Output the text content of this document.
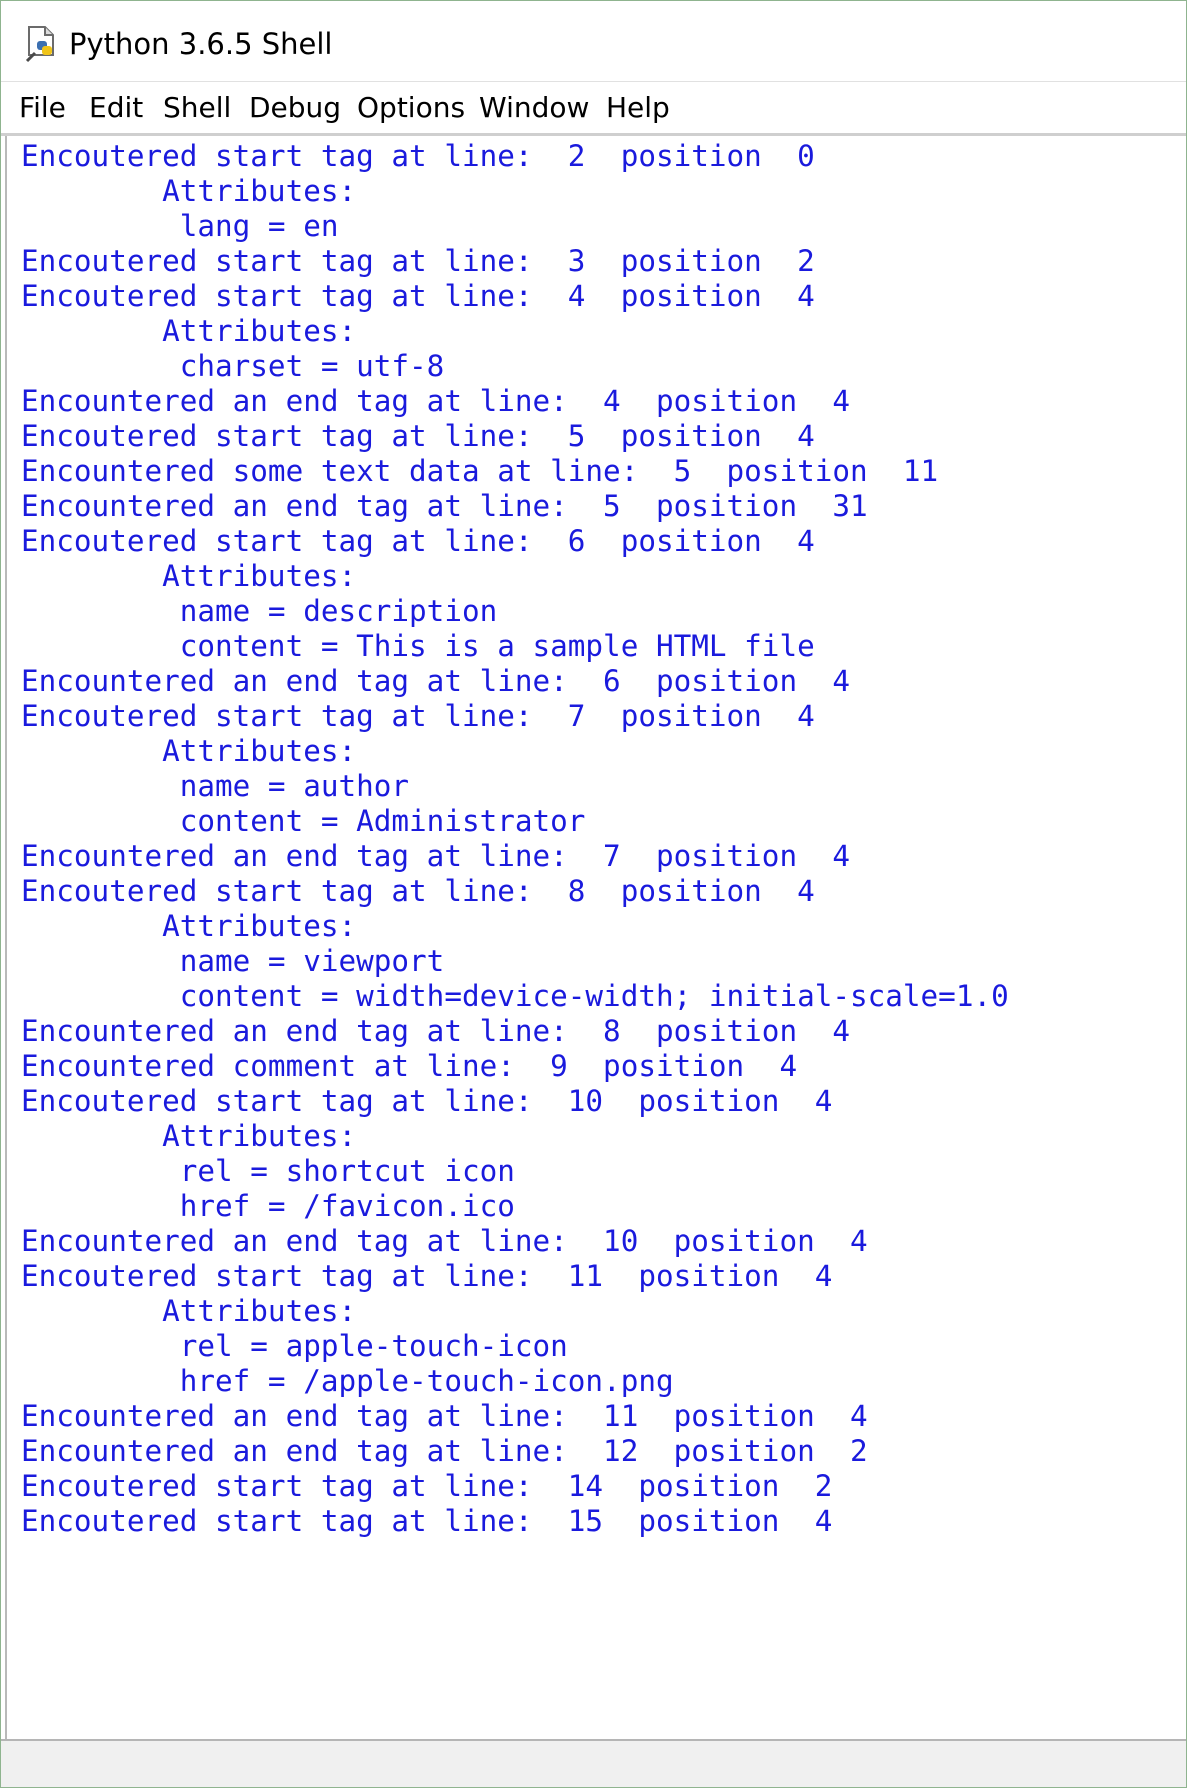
Python 3.6.5 Shell
File Edit Shell Debug Options Window Help
Encoutered start tag at line:  2  position  0
Attributes:
lang = en
Encoutered start tag at line:  3  position  2
Encoutered start tag at line:  4  position  4
Attributes:
charset = utf-8
Encountered an end tag at line:  4  position  4
Encoutered start tag at line:  5  position  4
Encountered some text data at line:  5  position  11
Encountered an end tag at line:  5  position  31
Encoutered start tag at line:  6  position  4
Attributes:
name = description
content = This is a sample HTML file
Encountered an end tag at line:  6  position  4
Encoutered start tag at line:  7  position  4
Attributes:
name = author
content = Administrator
Encountered an end tag at line:  7  position  4
Encoutered start tag at line:  8  position  4
Attributes:
name = viewport
content = width=device-width; initial-scale=1.0
Encountered an end tag at line:  8  position  4
Encountered comment at line:  9  position  4
Encoutered start tag at line:  10  position  4
Attributes:
rel = shortcut icon
href = /favicon.ico
Encountered an end tag at line:  10  position  4
Encoutered start tag at line:  11  position  4
Attributes:
rel = apple-touch-icon
href = /apple-touch-icon.png
Encountered an end tag at line:  11  position  4
Encountered an end tag at line:  12  position  2
Encoutered start tag at line:  14  position  2
Encoutered start tag at line:  15  position  4
